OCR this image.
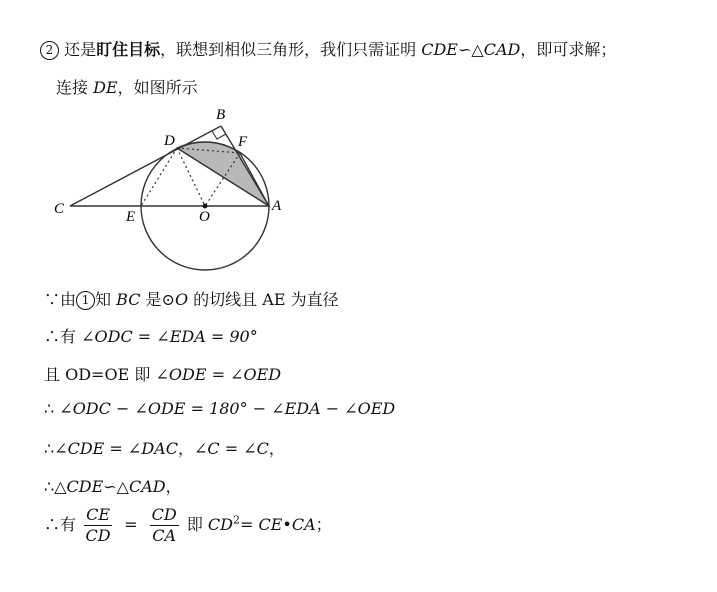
2 还是盯住目标，联想到相似三角形，我们只需证明 CDE∽△CAD，即可求解；
连接 DE，如图所示
B
D	F
C	E	O
A
∵由 1 知 BC 是⊙O 的切线且 AE 为直径
∴有 ∠ODC = ∠EDA = 90°
且 OD=OE 即 ∠ODE = ∠OED
∴ ∠ODC − ∠ODE = 180° − ∠EDA − ∠OED
∴∠CDE = ∠DAC，∠C = ∠C，
∴△CDE∽△CAD，
∴有 $\frac{CE}{CD} = \frac{CD}{CA}$ 即 $CD^2=$ CE•CA；
